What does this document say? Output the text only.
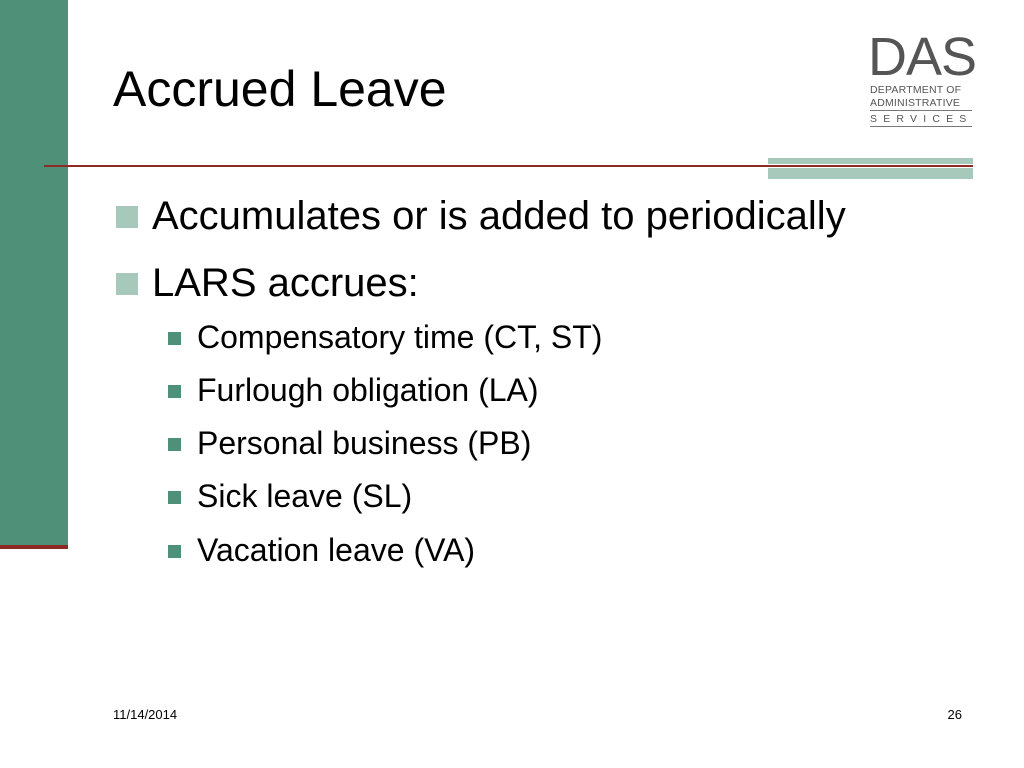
Accrued Leave
DAS
DEPARTMENT OF
ADMINISTRATIVE
SERVICES
Accumulates or is added to periodically
LARS accrues:
Compensatory time (CT, ST)
Furlough obligation (LA)
Personal business (PB)
Sick leave (SL)
Vacation leave (VA)
11/14/2014	26
